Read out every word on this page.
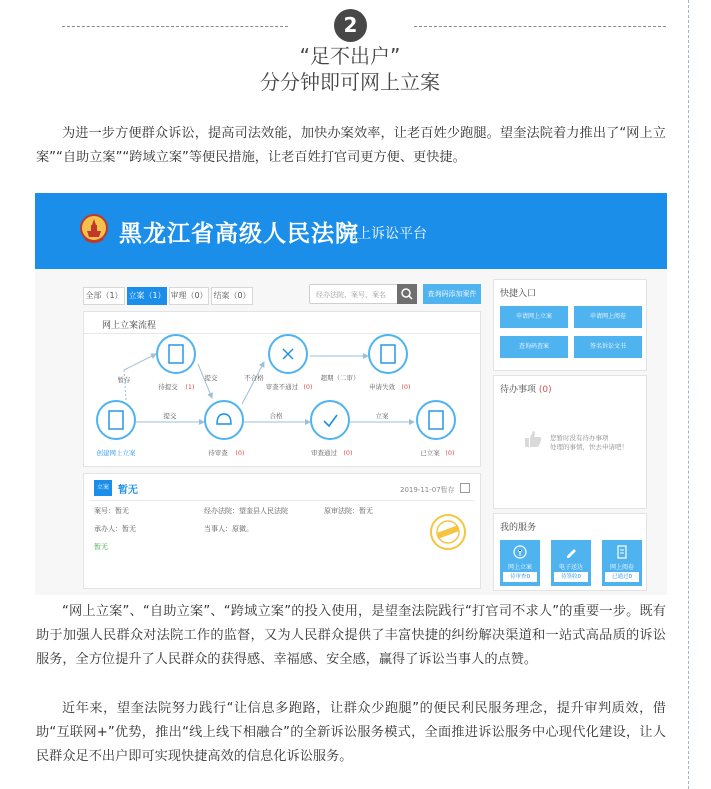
2
“足不出户”
分分钟即可网上立案
为进一步方便群众诉讼，提高司法效能，加快办案效率，让老百姓少跑腿。望奎法院着力推出了“网上立案”“自助立案”“跨域立案”等便民措施，让老百姓打官司更方便、更快捷。
黑龙江省高级人民法院
网上诉讼平台
全部（1） 立案（1） 审理（0） 结案（0）	经办法院、案号、案名	查询码添加案件
网上立案流程
创建网上立案
待提交 (1)
待审查 (0)
审查不通过 (0)
审查通过 (0)
申请失效 (0)
已立案 (0)
暂存
提交
提交	不合格	超期（二审）
合格	立案
立案 暂无	2019-11-07暂存
案号：暂无	经办法院：望奎县人民法院	原审法院：暂无
承办人：暂无	当事人：原微。
暂无
快捷入口
申请网上立案	申请网上阅卷
查询码查案	签名诉讼文书
待办事项 (0)
您暂时没有待办事项
处理的事情，快去申请吧！
我的服务
网上立案
待审查0
电子送达
待签收0
网上阅卷
已通过0
“网上立案”、“自助立案”、“跨域立案”的投入使用，是望奎法院践行“打官司不求人”的重要一步。既有助于加强人民群众对法院工作的监督，又为人民群众提供了丰富快捷的纠纷解决渠道和一站式高品质的诉讼服务，全方位提升了人民群众的获得感、幸福感、安全感，赢得了诉讼当事人的点赞。
近年来，望奎法院努力践行“让信息多跑路，让群众少跑腿”的便民利民服务理念，提升审判质效，借助“互联网+”优势，推出“线上线下相融合”的全新诉讼服务模式，全面推进诉讼服务中心现代化建设，让人民群众足不出户即可实现快捷高效的信息化诉讼服务。
